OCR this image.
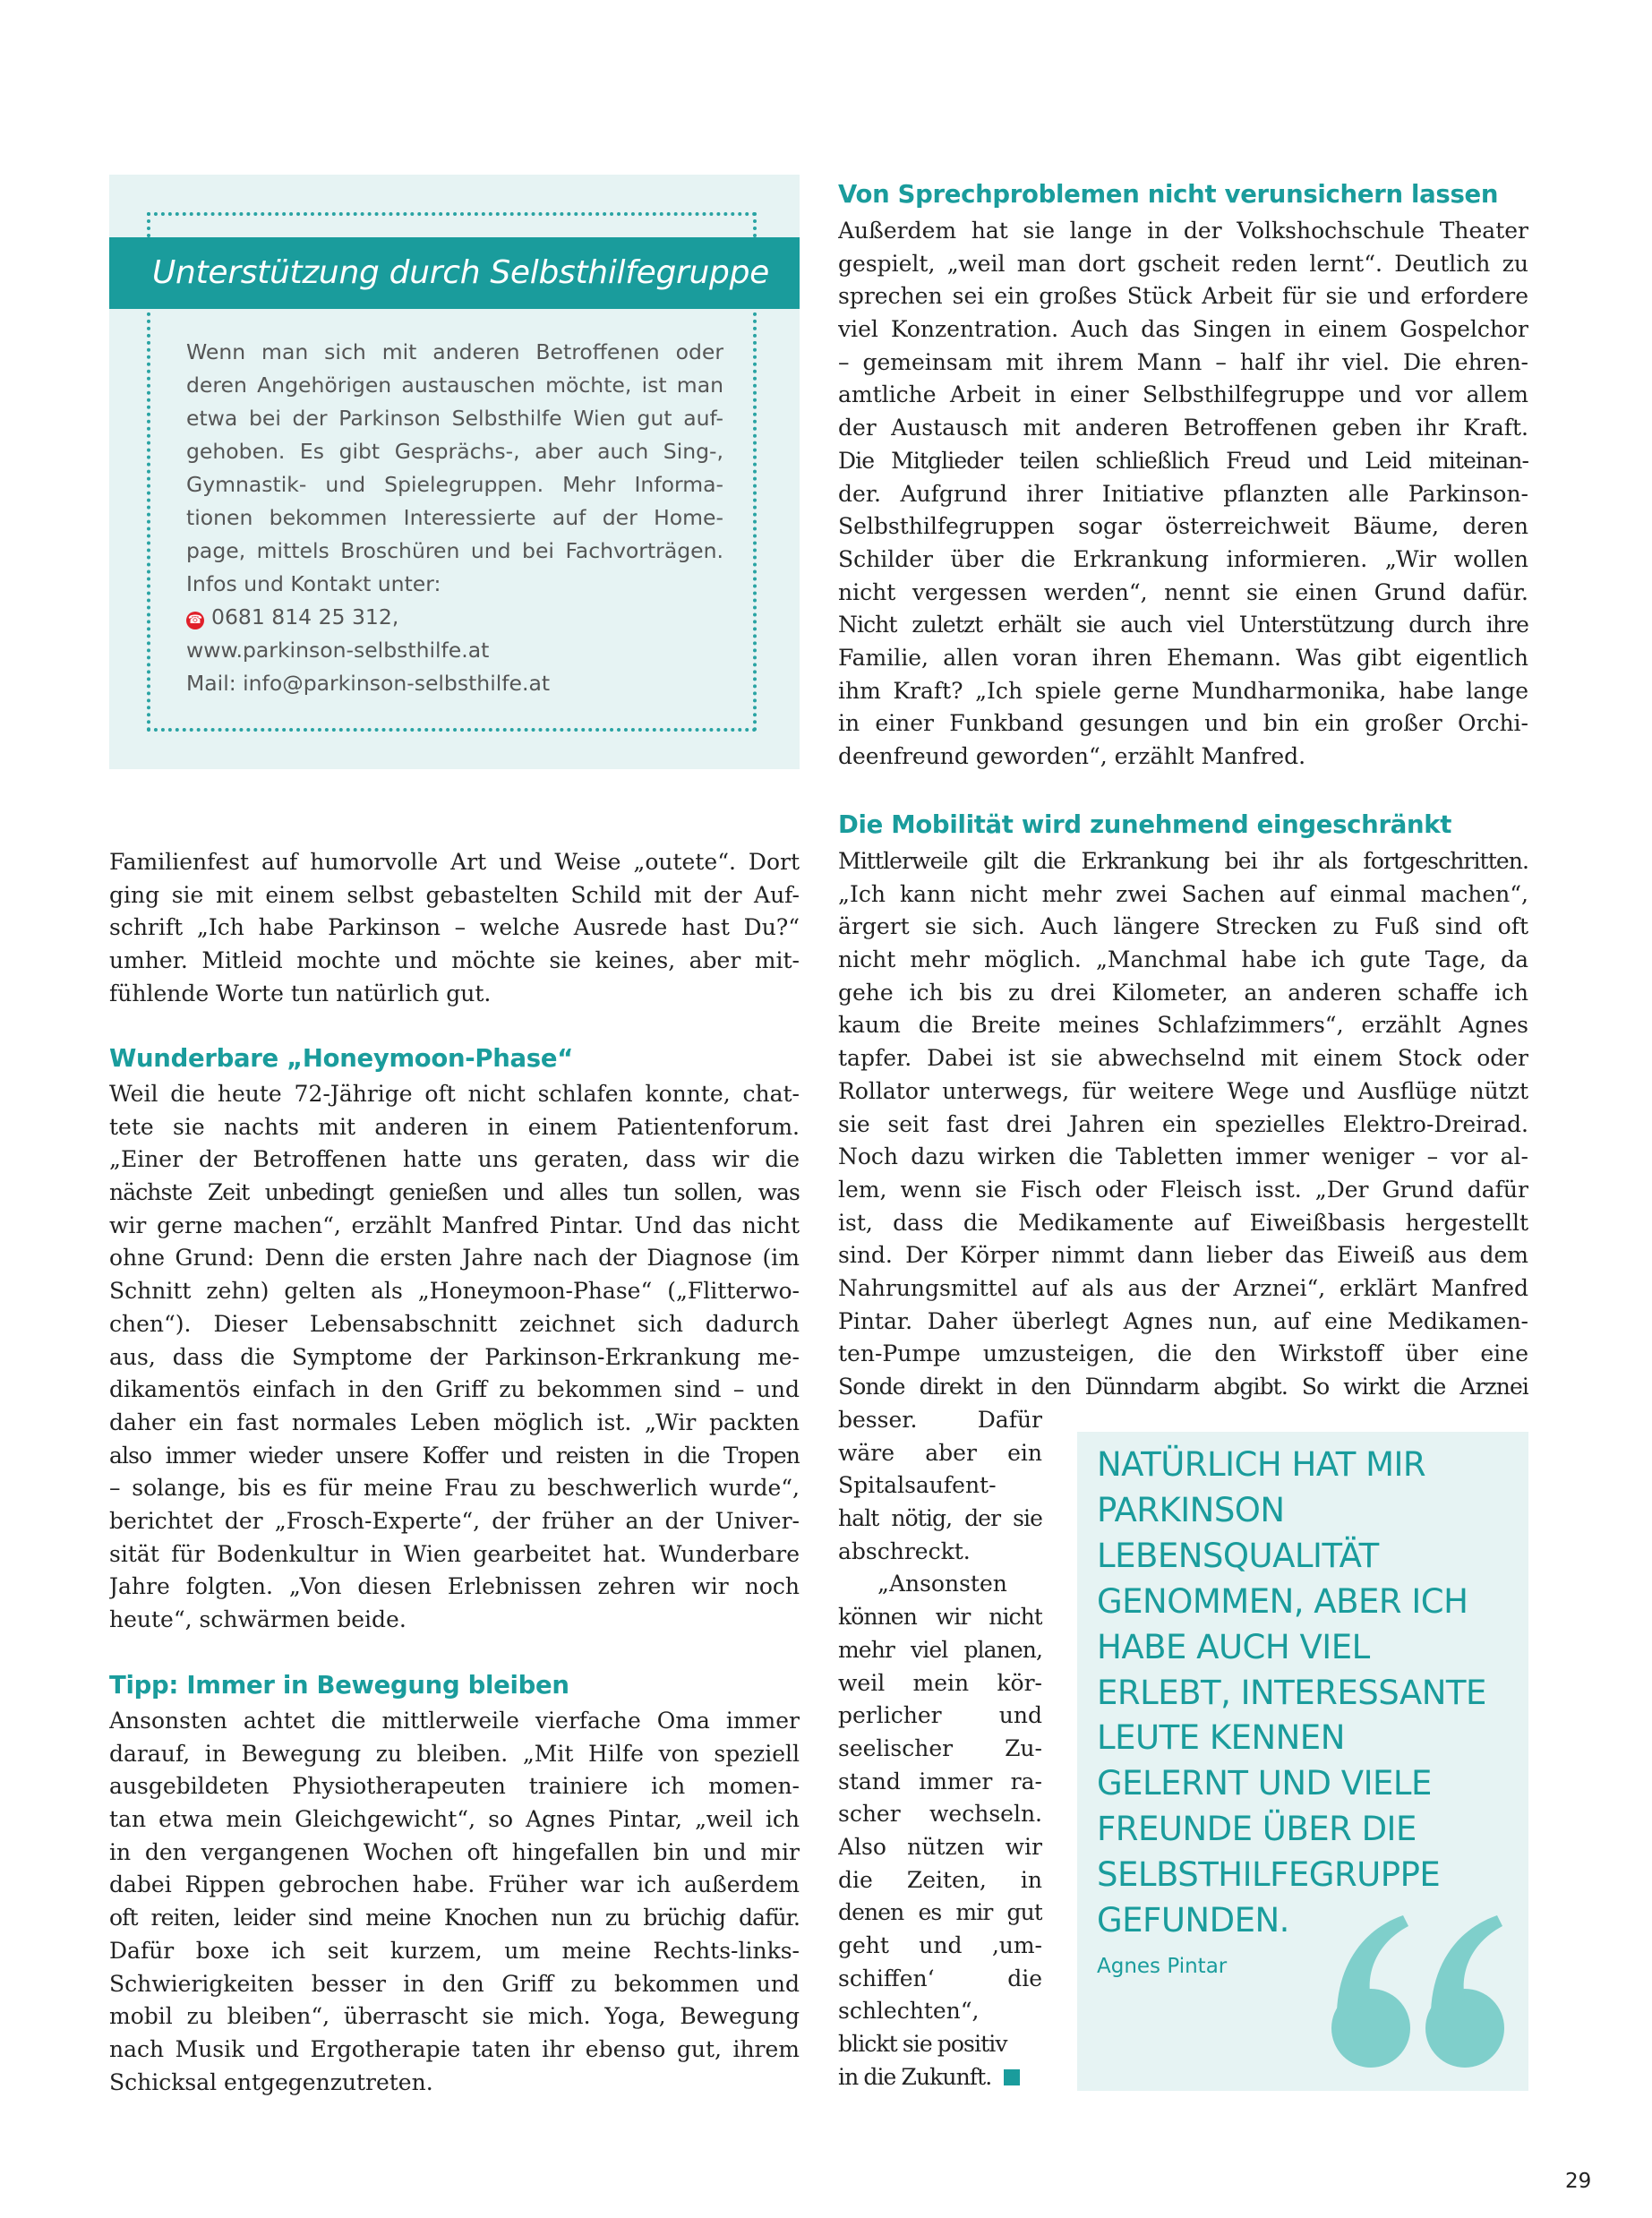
Unterstützung durch Selbsthilfegruppe
Wenn man sich mit anderen Betroffenen oder
deren Angehörigen austauschen möchte, ist man
etwa bei der Parkinson Selbsthilfe Wien gut auf-
gehoben. Es gibt Gesprächs-, aber auch Sing-,
Gymnastik- und Spielegruppen. Mehr Informa-
tionen bekommen Interessierte auf der Home-
page, mittels Broschüren und bei Fachvorträgen.
Infos und Kontakt unter:
☎ 0681 814 25 312,
www.parkinson-selbsthilfe.at
Mail: info@parkinson-selbsthilfe.at
Familienfest auf humorvolle Art und Weise „outete“. Dort
ging sie mit einem selbst gebastelten Schild mit der Auf-
schrift „Ich habe Parkinson – welche Ausrede hast Du?“
umher. Mitleid mochte und möchte sie keines, aber mit-
fühlende Worte tun natürlich gut.
Wunderbare „Honeymoon-Phase“
Weil die heute 72-Jährige oft nicht schlafen konnte, chat-
tete sie nachts mit anderen in einem Patientenforum.
„Einer der Betroffenen hatte uns geraten, dass wir die
nächste Zeit unbedingt genießen und alles tun sollen, was
wir gerne machen“, erzählt Manfred Pintar. Und das nicht
ohne Grund: Denn die ersten Jahre nach der Diagnose (im
Schnitt zehn) gelten als „Honeymoon-Phase“ („Flitterwo-
chen“). Dieser Lebensabschnitt zeichnet sich dadurch
aus, dass die Symptome der Parkinson-Erkrankung me-
dikamentös einfach in den Griff zu bekommen sind – und
daher ein fast normales Leben möglich ist. „Wir packten
also immer wieder unsere Koffer und reisten in die Tropen
– solange, bis es für meine Frau zu beschwerlich wurde“,
berichtet der „Frosch-Experte“, der früher an der Univer-
sität für Bodenkultur in Wien gearbeitet hat. Wunderbare
Jahre folgten. „Von diesen Erlebnissen zehren wir noch
heute“, schwärmen beide.
Tipp: Immer in Bewegung bleiben
Ansonsten achtet die mittlerweile vierfache Oma immer
darauf, in Bewegung zu bleiben. „Mit Hilfe von speziell
ausgebildeten Physiotherapeuten trainiere ich momen-
tan etwa mein Gleichgewicht“, so Agnes Pintar, „weil ich
in den vergangenen Wochen oft hingefallen bin und mir
dabei Rippen gebrochen habe. Früher war ich außerdem
oft reiten, leider sind meine Knochen nun zu brüchig dafür.
Dafür boxe ich seit kurzem, um meine Rechts-links-
Schwierigkeiten besser in den Griff zu bekommen und
mobil zu bleiben“, überrascht sie mich. Yoga, Bewegung
nach Musik und Ergotherapie taten ihr ebenso gut, ihrem
Schicksal entgegenzutreten.
Von Sprechproblemen nicht verunsichern lassen
Außerdem hat sie lange in der Volkshochschule Theater
gespielt, „weil man dort gscheit reden lernt“. Deutlich zu
sprechen sei ein großes Stück Arbeit für sie und erfordere
viel Konzentration. Auch das Singen in einem Gospelchor
– gemeinsam mit ihrem Mann – half ihr viel. Die ehren-
amtliche Arbeit in einer Selbsthilfegruppe und vor allem
der Austausch mit anderen Betroffenen geben ihr Kraft.
Die Mitglieder teilen schließlich Freud und Leid miteinan-
der. Aufgrund ihrer Initiative pflanzten alle Parkinson-
Selbsthilfegruppen sogar österreichweit Bäume, deren
Schilder über die Erkrankung informieren. „Wir wollen
nicht vergessen werden“, nennt sie einen Grund dafür.
Nicht zuletzt erhält sie auch viel Unterstützung durch ihre
Familie, allen voran ihren Ehemann. Was gibt eigentlich
ihm Kraft? „Ich spiele gerne Mundharmonika, habe lange
in einer Funkband gesungen und bin ein großer Orchi-
deenfreund geworden“, erzählt Manfred.
Die Mobilität wird zunehmend eingeschränkt
Mittlerweile gilt die Erkrankung bei ihr als fortgeschritten.
„Ich kann nicht mehr zwei Sachen auf einmal machen“,
ärgert sie sich. Auch längere Strecken zu Fuß sind oft
nicht mehr möglich. „Manchmal habe ich gute Tage, da
gehe ich bis zu drei Kilometer, an anderen schaffe ich
kaum die Breite meines Schlafzimmers“, erzählt Agnes
tapfer. Dabei ist sie abwechselnd mit einem Stock oder
Rollator unterwegs, für weitere Wege und Ausflüge nützt
sie seit fast drei Jahren ein spezielles Elektro-Dreirad.
Noch dazu wirken die Tabletten immer weniger – vor al-
lem, wenn sie Fisch oder Fleisch isst. „Der Grund dafür
ist, dass die Medikamente auf Eiweißbasis hergestellt
sind. Der Körper nimmt dann lieber das Eiweiß aus dem
Nahrungsmittel auf als aus der Arznei“, erklärt Manfred
Pintar. Daher überlegt Agnes nun, auf eine Medikamen-
ten-Pumpe umzusteigen, die den Wirkstoff über eine
Sonde direkt in den Dünndarm abgibt. So wirkt die Arznei
besser. Dafür
wäre aber ein
Spitalsaufent-
halt nötig, der sie
abschreckt.
„Ansonsten
können wir nicht
mehr viel planen,
weil mein kör-
perlicher und
seelischer Zu-
stand immer ra-
scher wechseln.
Also nützen wir
die Zeiten, in
denen es mir gut
geht und ‚um-
schiffen‘ die
schlechten“,
blickt sie positiv
in die Zukunft.
NATÜRLICH HAT MIR
PARKINSON
LEBENSQUALITÄT
GENOMMEN, ABER ICH
HABE AUCH VIEL
ERLEBT, INTERESSANTE
LEUTE KENNEN
GELERNT UND VIELE
FREUNDE ÜBER DIE
SELBSTHILFEGRUPPE
GEFUNDEN.
Agnes Pintar
29
